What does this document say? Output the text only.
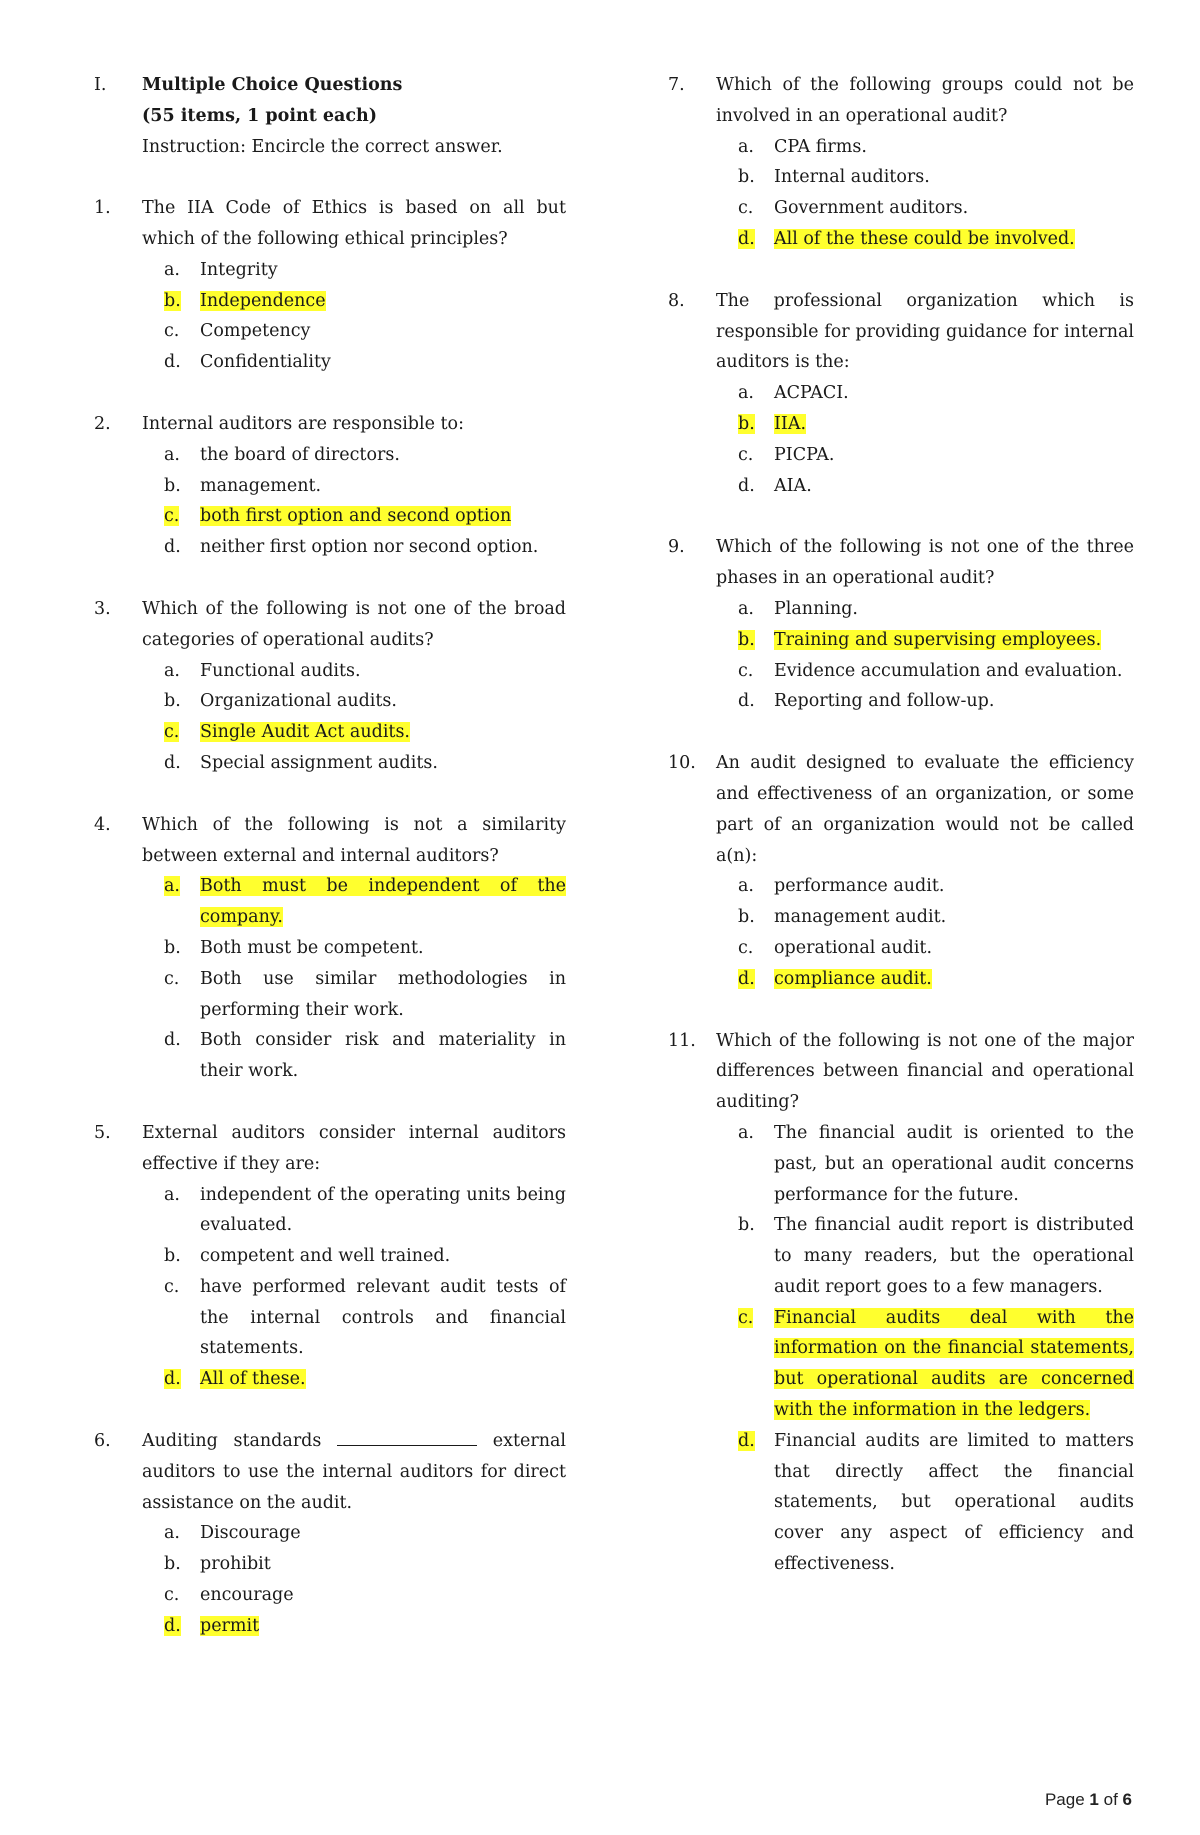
I.	Multiple Choice Questions
(55 items, 1 point each)
Instruction: Encircle the correct answer.
1.	The IIA Code of Ethics is based on all but which of the following ethical principles?
a.	Integrity
b.	Independence
c.	Competency
d.	Confidentiality
2.	Internal auditors are responsible to:
a.	the board of directors.
b.	management.
c.	both first option and second option
d.	neither first option nor second option.
3.	Which of the following is not one of the broad categories of operational audits?
a.	Functional audits.
b.	Organizational audits.
c.	Single Audit Act audits.
d.	Special assignment audits.
4.	Which of the following is not a similarity between external and internal auditors?
a.	Both must be independent of the company.
b.	Both must be competent.
c.	Both use similar methodologies in performing their work.
d.	Both consider risk and materiality in their work.
5.	External auditors consider internal auditors effective if they are:
a.	independent of the operating units being evaluated.
b.	competent and well trained.
c.	have performed relevant audit tests of the internal controls and financial statements.
d.	All of these.
6.	Auditing standards	external auditors to use the internal auditors for direct assistance on the audit.
a.	Discourage
b.	prohibit
c.	encourage
d.	permit
7.	Which of the following groups could not be involved in an operational audit?
a.	CPA firms.
b.	Internal auditors.
c.	Government auditors.
d.	All of the these could be involved.
8.	The professional organization which is responsible for providing guidance for internal auditors is the:
a.	ACPACI.
b.	IIA.
c.	PICPA.
d.	AIA.
9.	Which of the following is not one of the three phases in an operational audit?
a.	Planning.
b.	Training and supervising employees.
c.	Evidence accumulation and evaluation.
d.	Reporting and follow-up.
10.	An audit designed to evaluate the efficiency and effectiveness of an organization, or some part of an organization would not be called a(n):
a.	performance audit.
b.	management audit.
c.	operational audit.
d.	compliance audit.
11.	Which of the following is not one of the major differences between financial and operational auditing?
a.	The financial audit is oriented to the past, but an operational audit concerns performance for the future.
b.	The financial audit report is distributed to many readers, but the operational audit report goes to a few managers.
c.	Financial audits deal with the information on the financial statements, but operational audits are concerned with the information in the ledgers.
d.	Financial audits are limited to matters that directly affect the financial statements, but operational audits cover any aspect of efficiency and effectiveness.
Page 1 of 6
